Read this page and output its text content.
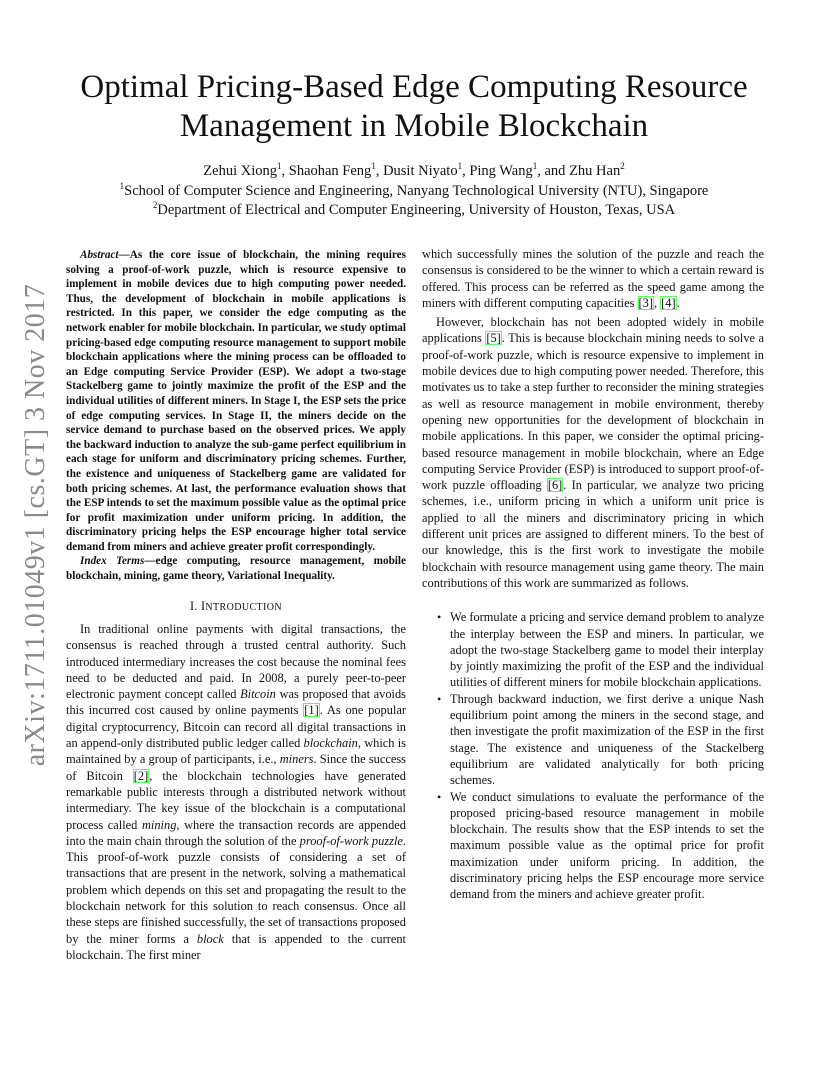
arXiv:1711.01049v1 [cs.GT] 3 Nov 2017
Optimal Pricing-Based Edge Computing Resource
Management in Mobile Blockchain
Zehui Xiong$^1$, Shaohan Feng$^1$, Dusit Niyato$^1$, Ping Wang$^1$, and Zhu Han$^2$
$^1$School of Computer Science and Engineering, Nanyang Technological University (NTU), Singapore
$^2$Department of Electrical and Computer Engineering, University of Houston, Texas, USA

Abstract—As the core issue of blockchain, the mining requires solving a proof-of-work puzzle, which is resource expensive to implement in mobile devices due to high computing power needed. Thus, the development of blockchain in mobile applications is restricted. In this paper, we consider the edge computing as the network enabler for mobile blockchain. In particular, we study optimal pricing-based edge computing resource management to support mobile blockchain applications where the mining process can be offloaded to an Edge computing Service Provider (ESP). We adopt a two-stage Stackelberg game to jointly maximize the profit of the ESP and the individual utilities of different miners. In Stage I, the ESP sets the price of edge computing services. In Stage II, the miners decide on the service demand to purchase based on the observed prices. We apply the backward induction to analyze the sub-game perfect equilibrium in each stage for uniform and discriminatory pricing schemes. Further, the existence and uniqueness of Stackelberg game are validated for both pricing schemes. At last, the performance evaluation shows that the ESP intends to set the maximum possible value as the optimal price for profit maximization under uniform pricing. In addition, the discriminatory pricing helps the ESP encourage higher total service demand from miners and achieve greater profit correspondingly.

Index Terms—edge computing, resource management, mobile blockchain, mining, game theory, Variational Inequality.

I. INTRODUCTION

In traditional online payments with digital transactions, the consensus is reached through a trusted central authority. Such introduced intermediary increases the cost because the nominal fees need to be deducted and paid. In 2008, a purely peer-to-peer electronic payment concept called Bitcoin was proposed that avoids this incurred cost caused by online payments [1]. As one popular digital cryptocurrency, Bitcoin can record all digital transactions in an append-only distributed public ledger called blockchain, which is maintained by a group of participants, i.e., miners. Since the success of Bitcoin [2], the blockchain technologies have generated remarkable public interests through a distributed network without intermediary. The key issue of the blockchain is a computational process called mining, where the transaction records are appended into the main chain through the solution of the proof-of-work puzzle. This proof-of-work puzzle consists of considering a set of transactions that are present in the network, solving a mathematical problem which depends on this set and propagating the result to the blockchain network for this solution to reach consensus. Once all these steps are finished successfully, the set of transactions proposed by the miner forms a block that is appended to the current blockchain. The first miner

which successfully mines the solution of the puzzle and reach the consensus is considered to be the winner to which a certain reward is offered. This process can be referred as the speed game among the miners with different computing capacities [3], [4].

However, blockchain has not been adopted widely in mobile applications [5]. This is because blockchain mining needs to solve a proof-of-work puzzle, which is resource expensive to implement in mobile devices due to high computing power needed. Therefore, this motivates us to take a step further to reconsider the mining strategies as well as resource management in mobile environment, thereby opening new opportunities for the development of blockchain in mobile applications. In this paper, we consider the optimal pricing-based resource management in mobile blockchain, where an Edge computing Service Provider (ESP) is introduced to support proof-of-work puzzle offloading [6]. In particular, we analyze two pricing schemes, i.e., uniform pricing in which a uniform unit price is applied to all the miners and discriminatory pricing in which different unit prices are assigned to different miners. To the best of our knowledge, this is the first work to investigate the mobile blockchain with resource management using game theory. The main contributions of this work are summarized as follows.

• We formulate a pricing and service demand problem to analyze the interplay between the ESP and miners. In particular, we adopt the two-stage Stackelberg game to model their interplay by jointly maximizing the profit of the ESP and the individual utilities of different miners for mobile blockchain applications.
• Through backward induction, we first derive a unique Nash equilibrium point among the miners in the second stage, and then investigate the profit maximization of the ESP in the first stage. The existence and uniqueness of the Stackelberg equilibrium are validated analytically for both pricing schemes.
• We conduct simulations to evaluate the performance of the proposed pricing-based resource management in mobile blockchain. The results show that the ESP intends to set the maximum possible value as the optimal price for profit maximization under uniform pricing. In addition, the discriminatory pricing helps the ESP encourage more service demand from the miners and achieve greater profit.
